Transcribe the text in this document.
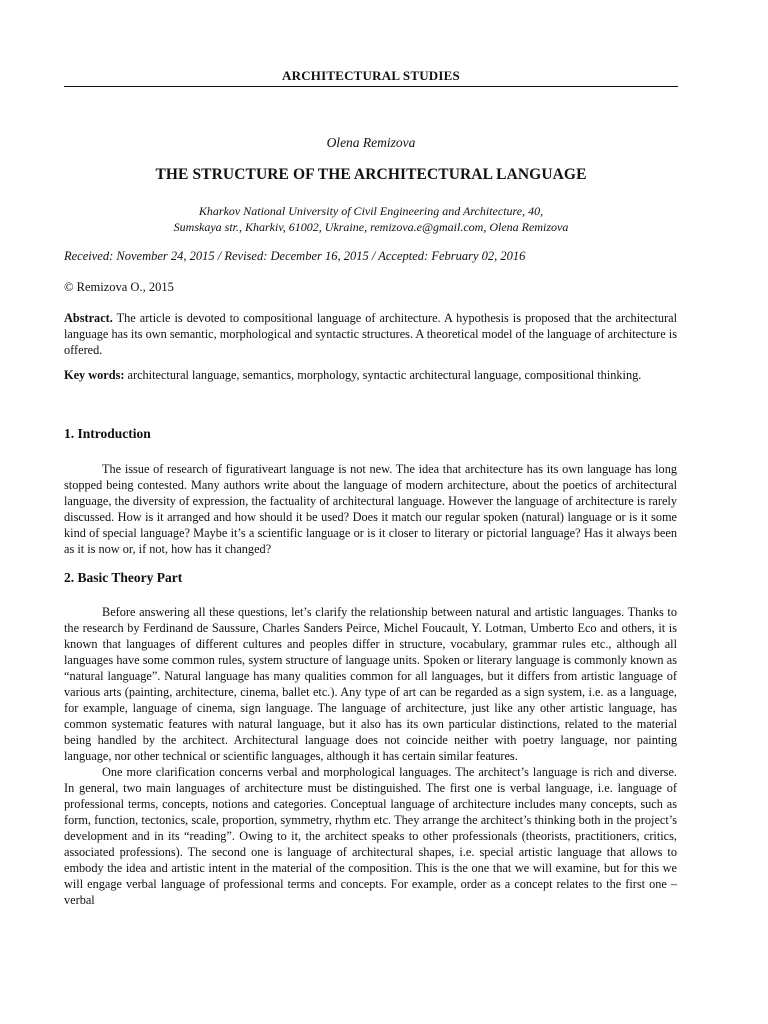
ARCHITECTURAL STUDIES
Olena Remizova
THE STRUCTURE OF THE ARCHITECTURAL LANGUAGE
Kharkov National University of Civil Engineering and Architecture, 40,
Sumskaya str., Kharkiv, 61002, Ukraine, remizova.e@gmail.com, Olena Remizova
Received: November 24, 2015 / Revised: December 16, 2015 / Accepted: February 02, 2016
© Remizova O., 2015

Abstract. The article is devoted to compositional language of architecture. A hypothesis is proposed that the architectural language has its own semantic, morphological and syntactic structures. A theoretical model of the language of architecture is offered.

Key words: architectural language, semantics, morphology, syntactic architectural language, compositional thinking.

1. Introduction

The issue of research of figurativeart language is not new. The idea that architecture has its own language has long stopped being contested. Many authors write about the language of modern architecture, about the poetics of architectural language, the diversity of expression, the factuality of architectural language. However the language of architecture is rarely discussed. How is it arranged and how should it be used? Does it match our regular spoken (natural) language or is it some kind of special language? Maybe it’s a scientific language or is it closer to literary or pictorial language? Has it always been as it is now or, if not, how has it changed?

2. Basic Theory Part

Before answering all these questions, let’s clarify the relationship between natural and artistic languages. Thanks to the research by Ferdinand de Saussure, Charles Sanders Peirce, Michel Foucault, Y. Lotman, Umberto Eco and others, it is known that languages of different cultures and peoples differ in structure, vocabulary, grammar rules etc., although all languages have some common rules, system structure of language units. Spoken or literary language is commonly known as “natural language”. Natural language has many qualities common for all languages, but it differs from artistic language of various arts (painting, architecture, cinema, ballet etc.). Any type of art can be regarded as a sign system, i.e. as a language, for example, language of cinema, sign language. The language of architecture, just like any other artistic language, has common systematic features with natural language, but it also has its own particular distinctions, related to the material being handled by the architect. Architectural language does not coincide neither with poetry language, nor painting language, nor other technical or scientific languages, although it has certain similar features.

One more clarification concerns verbal and morphological languages. The architect’s language is rich and diverse. In general, two main languages of architecture must be distinguished. The first one is verbal language, i.e. language of professional terms, concepts, notions and categories. Conceptual language of architecture includes many concepts, such as form, function, tectonics, scale, proportion, symmetry, rhythm etc. They arrange the architect’s thinking both in the project’s development and in its “reading”. Owing to it, the architect speaks to other professionals (theorists, practitioners, critics, associated professions). The second one is language of architectural shapes, i.e. special artistic language that allows to embody the idea and artistic intent in the material of the composition. This is the one that we will examine, but for this we will engage verbal language of professional terms and concepts. For example, order as a concept relates to the first one – verbal
